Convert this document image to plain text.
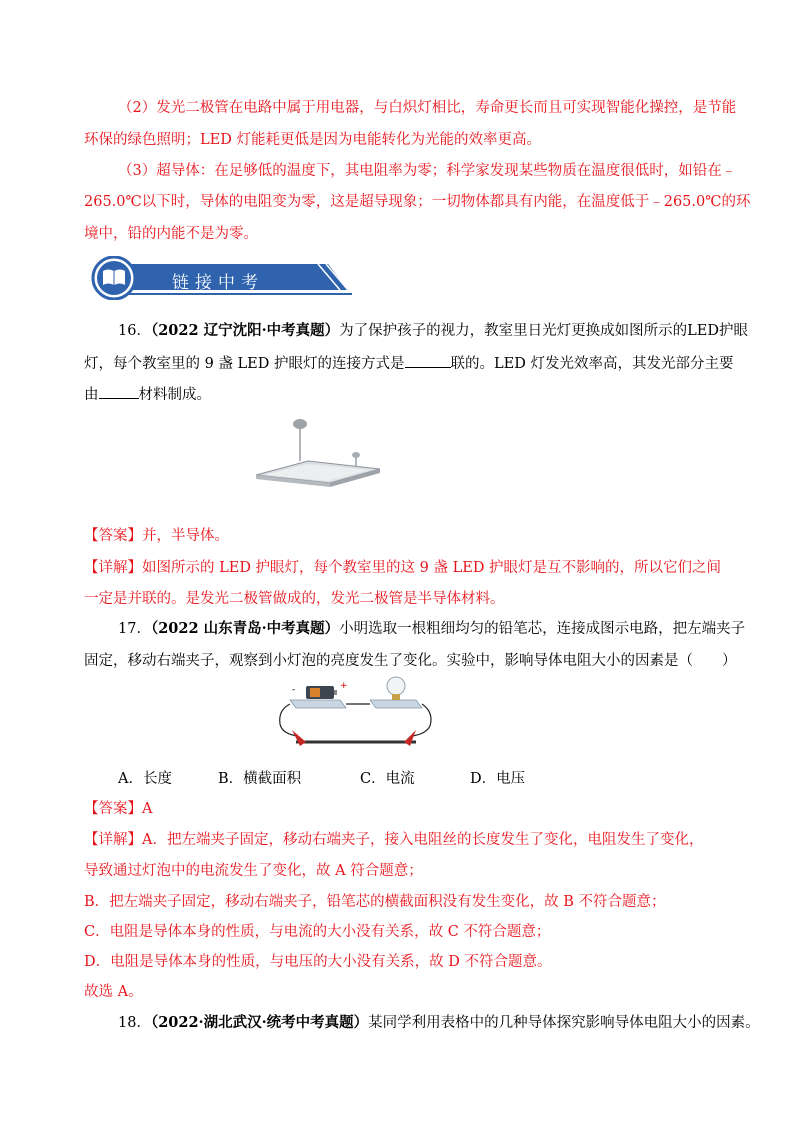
（2）发光二极管在电路中属于用电器，与白炽灯相比，寿命更长而且可实现智能化操控，是节能
环保的绿色照明；LED 灯能耗更低是因为电能转化为光能的效率更高。
（3）超导体：在足够低的温度下，其电阻率为零；科学家发现某些物质在温度很低时，如铅在﹣
265.0℃以下时，导体的电阻变为零，这是超导现象；一切物体都具有内能，在温度低于﹣265.0℃的环
境中，铅的内能不是为零。
链接中考
16．（2022 辽宁沈阳·中考真题）为了保护孩子的视力，教室里日光灯更换成如图所示的LED护眼
灯，每个教室里的 9 盏 LED 护眼灯的连接方式是	联的。LED 灯发光效率高，其发光部分主要
由	材料制成。
【答案】并，半导体。
【详解】如图所示的 LED 护眼灯，每个教室里的这 9 盏 LED 护眼灯是互不影响的，所以它们之间
一定是并联的。是发光二极管做成的，发光二极管是半导体材料。
17．（2022 山东青岛·中考真题）小明选取一根粗细均匀的铅笔芯，连接成图示电路，把左端夹子
固定，移动右端夹子，观察到小灯泡的亮度发生了变化。实验中，影响导体电阻大小的因素是（　　）
-	+
A．长度	B．横截面积	C．电流	D．电压
【答案】A
【详解】A．把左端夹子固定，移动右端夹子，接入电阻丝的长度发生了变化，电阻发生了变化，
导致通过灯泡中的电流发生了变化，故 A 符合题意；
B．把左端夹子固定，移动右端夹子，铅笔芯的横截面积没有发生变化，故 B 不符合题意；
C．电阻是导体本身的性质，与电流的大小没有关系，故 C 不符合题意；
D．电阻是导体本身的性质，与电压的大小没有关系，故 D 不符合题意。
故选 A。
18．（2022·湖北武汉·统考中考真题）某同学利用表格中的几种导体探究影响导体电阻大小的因素。
